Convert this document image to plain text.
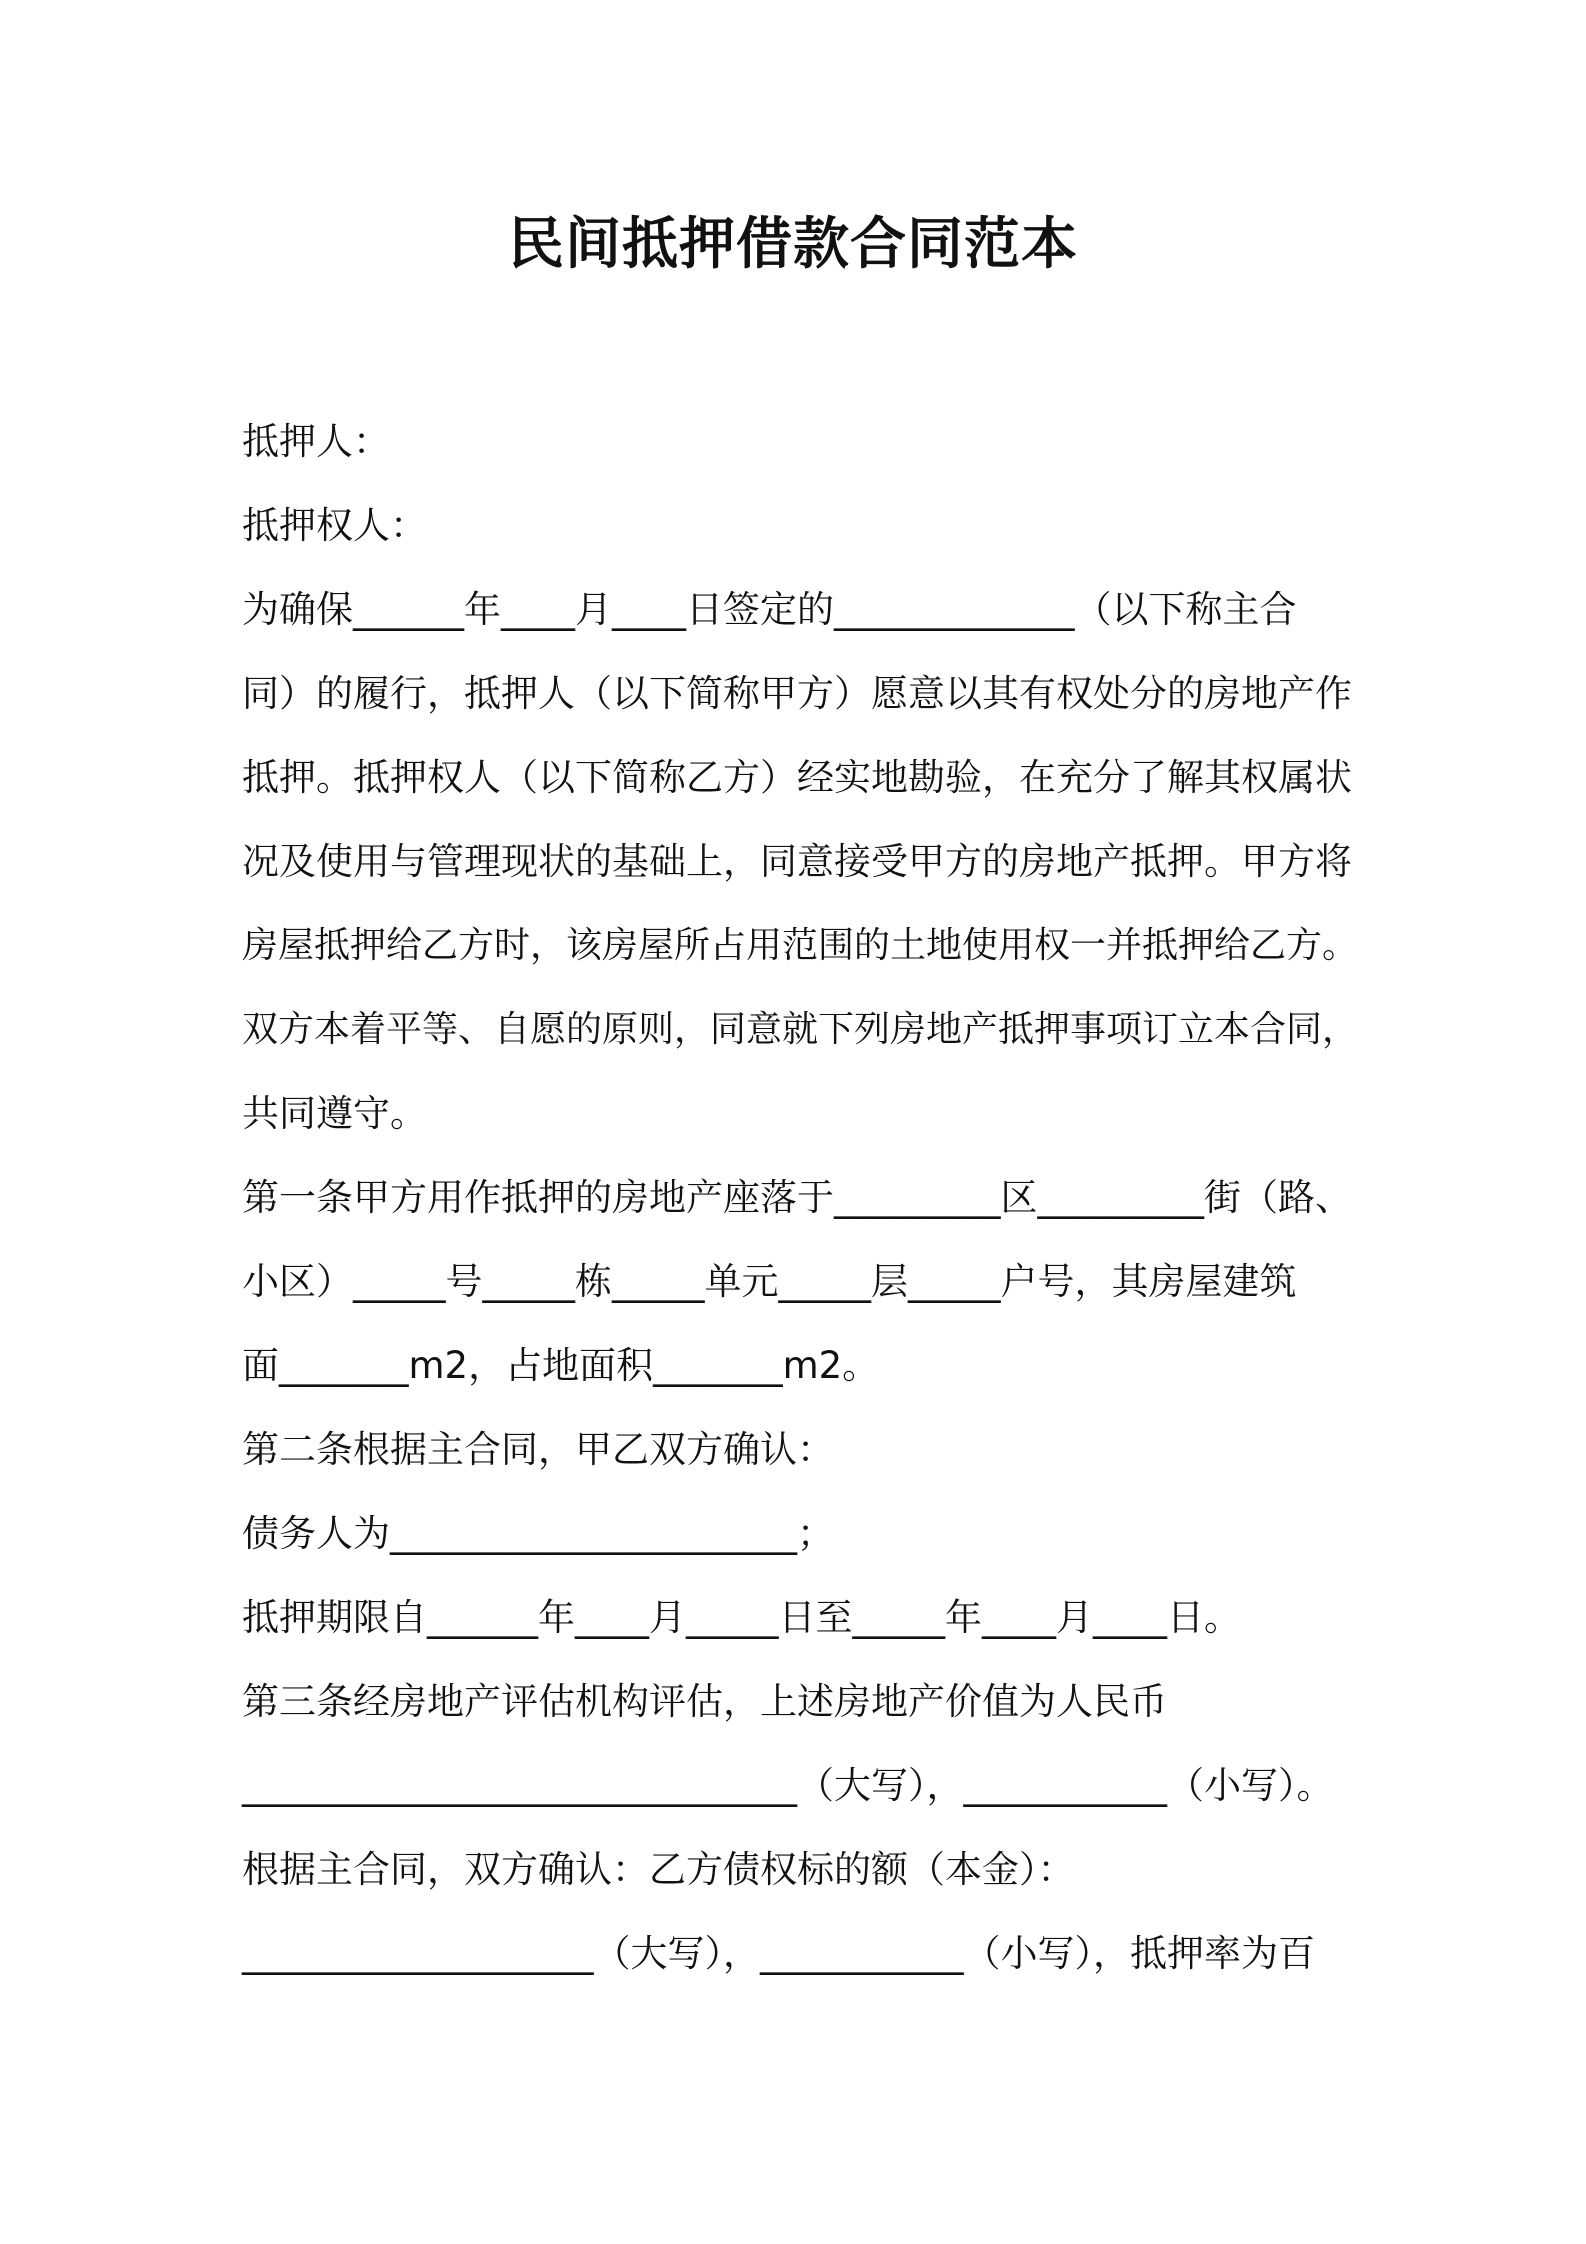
民间抵押借款合同范本

抵押人：

抵押权人：

为确保______年____月____日签定的_____________（以下称主合

同）的履行，抵押人（以下简称甲方）愿意以其有权处分的房地产作

抵押。抵押权人（以下简称乙方）经实地勘验，在充分了解其权属状

况及使用与管理现状的基础上，同意接受甲方的房地产抵押。甲方将

房屋抵押给乙方时，该房屋所占用范围的土地使用权一并抵押给乙方。

双方本着平等、自愿的原则，同意就下列房地产抵押事项订立本合同，

共同遵守。

第一条甲方用作抵押的房地产座落于_________区_________街（路、

小区）_____号_____栋_____单元_____层_____户号，其房屋建筑

面_______m2，占地面积_______m2。

第二条根据主合同，甲乙双方确认：

债务人为______________________；

抵押期限自______年____月_____日至_____年____月____日。

第三条经房地产评估机构评估，上述房地产价值为人民币

______________________________（大写），___________（小写）。

根据主合同，双方确认：乙方债权标的额（本金）：

___________________（大写），___________（小写），抵押率为百
